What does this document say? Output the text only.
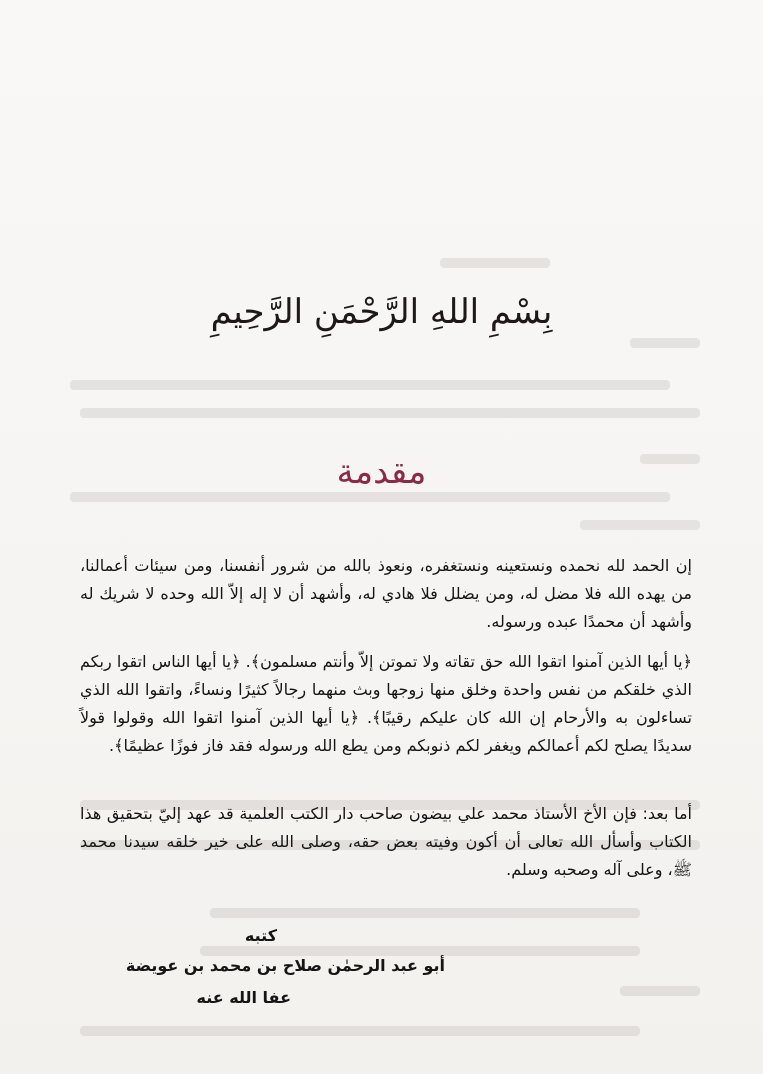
بِسْمِ اللهِ الرَّحْمَنِ الرَّحِيمِ
مقدمة

إن الحمد لله نحمده ونستعينه ونستغفره، ونعوذ بالله من شرور أنفسنا، ومن سيئات أعمالنا، من يهده الله فلا مضل له، ومن يضلل فلا هادي له، وأشهد أن لا إله إلاّ الله وحده لا شريك له وأشهد أن محمدًا عبده ورسوله.

﴿يا أيها الذين آمنوا اتقوا الله حق تقاته ولا تموتن إلاّ وأنتم مسلمون﴾. ﴿يا أيها الناس اتقوا ربكم الذي خلقكم من نفس واحدة وخلق منها زوجها وبث منهما رجالاً كثيرًا ونساءً، واتقوا الله الذي تساءلون به والأرحام إن الله كان عليكم رقيبًا﴾. ﴿يا أيها الذين آمنوا اتقوا الله وقولوا قولاً سديدًا يصلح لكم أعمالكم ويغفر لكم ذنوبكم ومن يطع الله ورسوله فقد فاز فوزًا عظيمًا﴾.

أما بعد: فإن الأخ الأستاذ محمد علي بيضون صاحب دار الكتب العلمية قد عهد إليّ بتحقيق هذا الكتاب وأسأل الله تعالى أن أكون وفيته بعض حقه، وصلى الله على خير خلقه سيدنا محمد ﷺ، وعلى آله وصحبه وسلم.

كتبه
أبو عبد الرحمٰن صلاح بن محمد بن عويضة
عفا الله عنه
